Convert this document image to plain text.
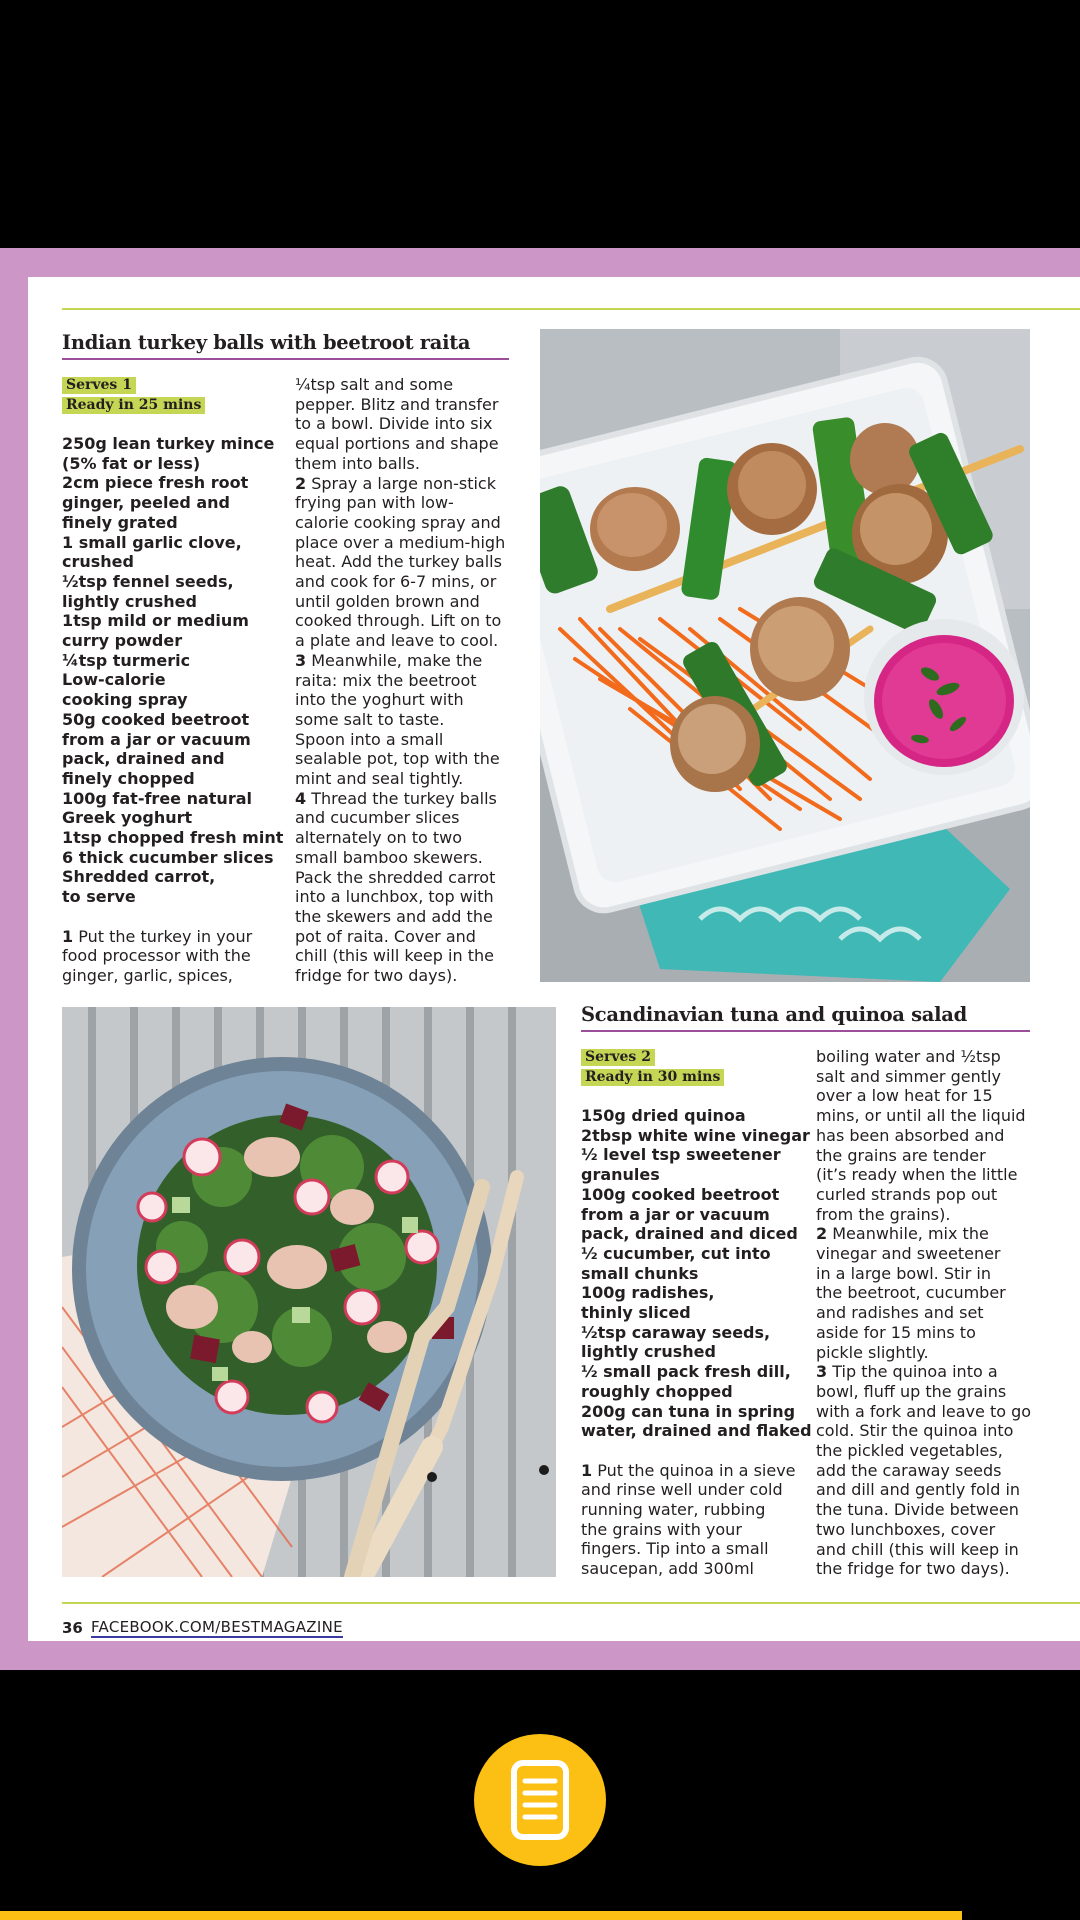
Indian turkey balls with beetroot raita
Serves 1
Ready in 25 mins

250g lean turkey mince

(5% fat or less)

2cm piece fresh root

ginger, peeled and

finely grated

1 small garlic clove,

crushed

½tsp fennel seeds,

lightly crushed

1tsp mild or medium

curry powder

¼tsp turmeric

Low-calorie

cooking spray

50g cooked beetroot

from a jar or vacuum

pack, drained and

finely chopped

100g fat-free natural

Greek yoghurt

1tsp chopped fresh mint

6 thick cucumber slices

Shredded carrot,

to serve

1 Put the turkey in your

food processor with the

ginger, garlic, spices,

¼tsp salt and some

pepper. Blitz and transfer

to a bowl. Divide into six

equal portions and shape

them into balls.

2 Spray a large non-stick

frying pan with low-

calorie cooking spray and

place over a medium-high

heat. Add the turkey balls

and cook for 6-7 mins, or

until golden brown and

cooked through. Lift on to

a plate and leave to cool.

3 Meanwhile, make the

raita: mix the beetroot

into the yoghurt with

some salt to taste.

Spoon into a small

sealable pot, top with the

mint and seal tightly.

4 Thread the turkey balls

and cucumber slices

alternately on to two

small bamboo skewers.

Pack the shredded carrot

into a lunchbox, top with

the skewers and add the

pot of raita. Cover and

chill (this will keep in the

fridge for two days).

Scandinavian tuna and quinoa salad
Serves 2
Ready in 30 mins

150g dried quinoa

2tbsp white wine vinegar

½ level tsp sweetener

granules

100g cooked beetroot

from a jar or vacuum

pack, drained and diced

½ cucumber, cut into

small chunks

100g radishes,

thinly sliced

½tsp caraway seeds,

lightly crushed

½ small pack fresh dill,

roughly chopped

200g can tuna in spring

water, drained and flaked

1 Put the quinoa in a sieve

and rinse well under cold

running water, rubbing

the grains with your

fingers. Tip into a small

saucepan, add 300ml

boiling water and ½tsp

salt and simmer gently

over a low heat for 15

mins, or until all the liquid

has been absorbed and

the grains are tender

(it’s ready when the little

curled strands pop out

from the grains).

2 Meanwhile, mix the

vinegar and sweetener

in a large bowl. Stir in

the beetroot, cucumber

and radishes and set

aside for 15 mins to

pickle slightly.

3 Tip the quinoa into a

bowl, fluff up the grains

with a fork and leave to go

cold. Stir the quinoa into

the pickled vegetables,

add the caraway seeds

and dill and gently fold in

the tuna. Divide between

two lunchboxes, cover

and chill (this will keep in

the fridge for two days).

36 FACEBOOK.COM/BESTMAGAZINE
